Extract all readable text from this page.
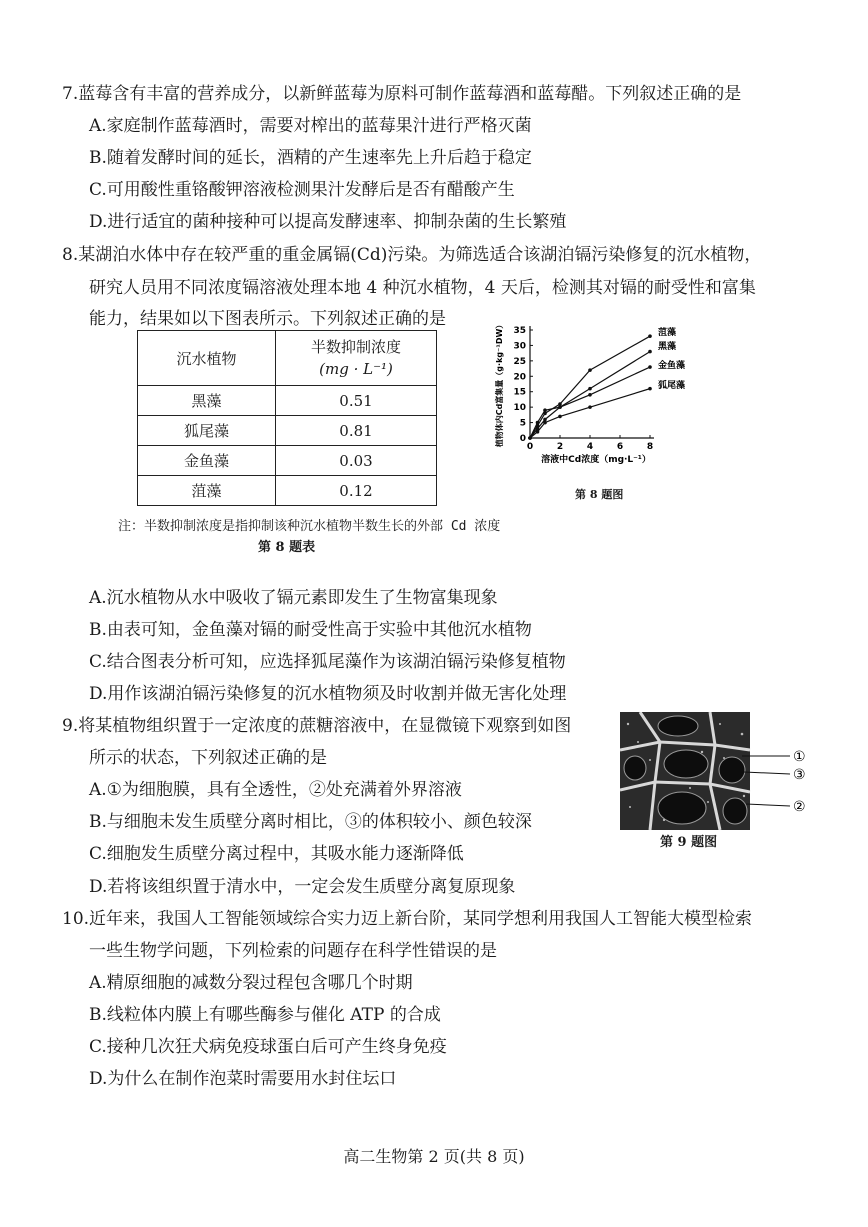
7.蓝莓含有丰富的营养成分，以新鲜蓝莓为原料可制作蓝莓酒和蓝莓醋。下列叙述正确的是
A.家庭制作蓝莓酒时，需要对榨出的蓝莓果汁进行严格灭菌
B.随着发酵时间的延长，酒精的产生速率先上升后趋于稳定
C.可用酸性重铬酸钾溶液检测果汁发酵后是否有醋酸产生
D.进行适宜的菌种接种可以提高发酵速率、抑制杂菌的生长繁殖
8.某湖泊水体中存在较严重的重金属镉(Cd)污染。为筛选适合该湖泊镉污染修复的沉水植物，
研究人员用不同浓度镉溶液处理本地 4 种沉水植物，4 天后，检测其对镉的耐受性和富集
能力，结果如以下图表所示。下列叙述正确的是
沉水植物	半数抑制浓度
(mg · L⁻¹)

黑藻	0.51
狐尾藻	0.81
金鱼藻	0.03
菹藻	0.12
注：半数抑制浓度是指抑制该种沉水植物半数生长的外部 Cd 浓度
第 8 题表
0
5
10
15
20
25
30
35
0	2	4	6	8
溶液中Cd浓度（mg·L⁻¹）
植物体内Cd富集量（g·kg⁻¹DW）	菹藻
黑藻
金鱼藻
狐尾藻
第 8 题图
A.沉水植物从水中吸收了镉元素即发生了生物富集现象
B.由表可知，金鱼藻对镉的耐受性高于实验中其他沉水植物
C.结合图表分析可知，应选择狐尾藻作为该湖泊镉污染修复植物
D.用作该湖泊镉污染修复的沉水植物须及时收割并做无害化处理
9.将某植物组织置于一定浓度的蔗糖溶液中，在显微镜下观察到如图
所示的状态，下列叙述正确的是
A.①为细胞膜，具有全透性，②处充满着外界溶液
B.与细胞未发生质壁分离时相比，③的体积较小、颜色较深
C.细胞发生质壁分离过程中，其吸水能力逐渐降低
D.若将该组织置于清水中，一定会发生质壁分离复原现象
①
③
②
第 9 题图
10.近年来，我国人工智能领域综合实力迈上新台阶，某同学想利用我国人工智能大模型检索
一些生物学问题，下列检索的问题存在科学性错误的是
A.精原细胞的减数分裂过程包含哪几个时期
B.线粒体内膜上有哪些酶参与催化 ATP 的合成
C.接种几次狂犬病免疫球蛋白后可产生终身免疫
D.为什么在制作泡菜时需要用水封住坛口
高二生物第 2 页(共 8 页)
